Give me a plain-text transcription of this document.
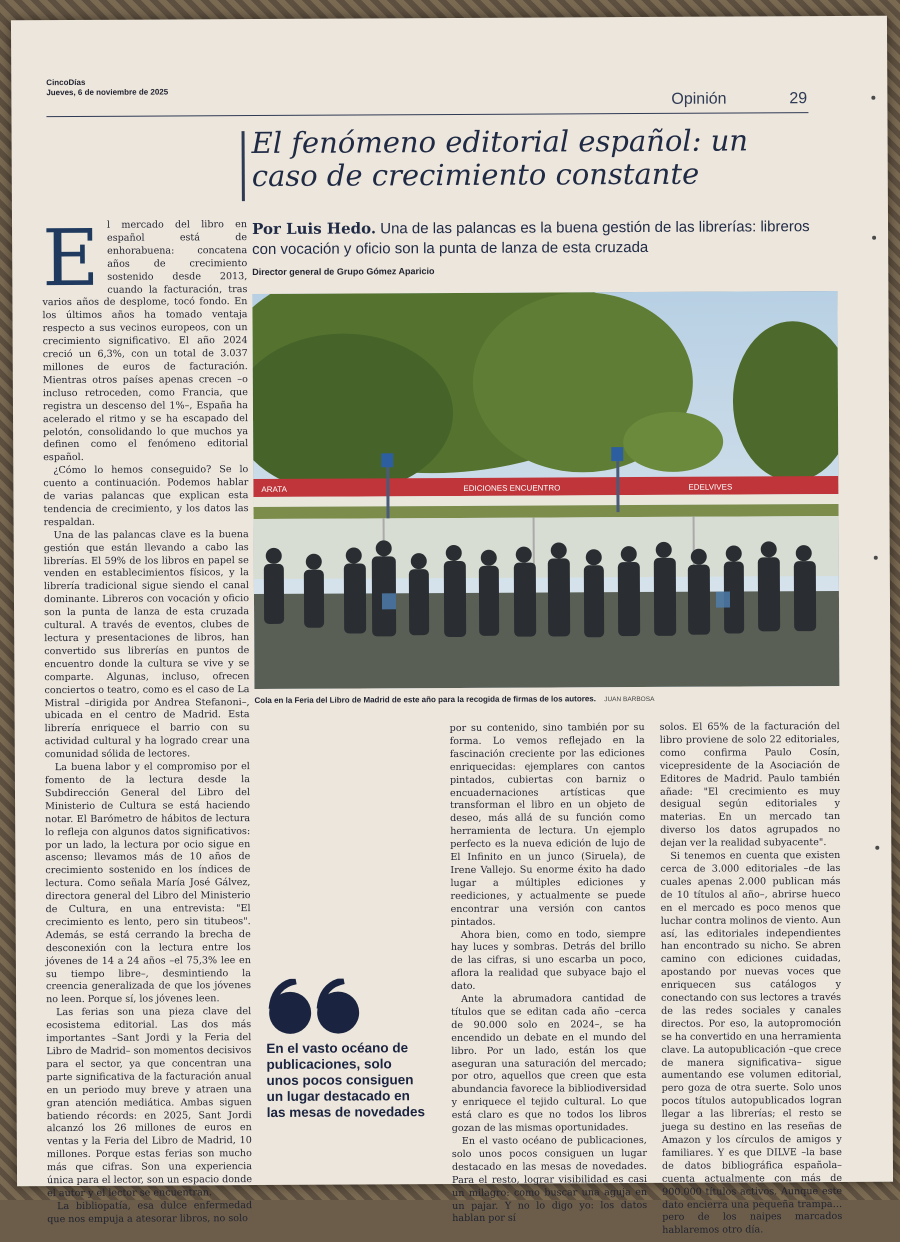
CincoDías
Jueves, 6 de noviembre de 2025	Opinión	29
El fenómeno editorial español: un caso de crecimiento constante
Por Luis Hedo. Una de las palancas es la buena gestión de las librerías: libreros con vocación y oficio son la punta de lanza de esta cruzada
Director general de Grupo Gómez Aparicio
E l mercado del libro en español está de enhorabuena: concatena años de crecimiento sostenido desde 2013, cuando la facturación, tras varios años de desplome, tocó fondo. En los últimos años ha tomado ventaja respecto a sus vecinos europeos, con un crecimiento significativo. El año 2024 creció un 6,3%, con un total de 3.037 millones de euros de facturación. Mientras otros países apenas crecen –o incluso retroceden, como Francia, que registra un descenso del 1%–, España ha acelerado el ritmo y se ha escapado del pelotón, consolidando lo que muchos ya definen como el fenómeno editorial español.

¿Cómo lo hemos conseguido? Se lo cuento a continuación. Podemos hablar de varias palancas que explican esta tendencia de crecimiento, y los datos las respaldan.

Una de las palancas clave es la buena gestión que están llevando a cabo las librerías. El 59% de los libros en papel se venden en establecimientos físicos, y la librería tradicional sigue siendo el canal dominante. Libreros con vocación y oficio son la punta de lanza de esta cruzada cultural. A través de eventos, clubes de lectura y presentaciones de libros, han convertido sus librerías en puntos de encuentro donde la cultura se vive y se comparte. Algunas, incluso, ofrecen conciertos o teatro, como es el caso de La Mistral –dirigida por Andrea Stefanoni–, ubicada en el centro de Madrid. Esta librería enriquece el barrio con su actividad cultural y ha logrado crear una comunidad sólida de lectores.

La buena labor y el compromiso por el fomento de la lectura desde la Subdirección General del Libro del Ministerio de Cultura se está haciendo notar. El Barómetro de hábitos de lectura lo refleja con algunos datos significativos: por un lado, la lectura por ocio sigue en ascenso; llevamos más de 10 años de crecimiento sostenido en los índices de lectura. Como señala María José Gálvez, directora general del Libro del Ministerio de Cultura, en una entrevista: "El crecimiento es lento, pero sin titubeos". Además, se está cerrando la brecha de desconexión con la lectura entre los jóvenes de 14 a 24 años –el 75,3% lee en su tiempo libre–, desmintiendo la creencia generalizada de que los jóvenes no leen. Porque sí, los jóvenes leen.

Las ferias son una pieza clave del ecosistema editorial. Las dos más importantes –Sant Jordi y la Feria del Libro de Madrid– son momentos decisivos para el sector, ya que concentran una parte significativa de la facturación anual en un periodo muy breve y atraen una gran atención mediática. Ambas siguen batiendo récords: en 2025, Sant Jordi alcanzó los 26 millones de euros en ventas y la Feria del Libro de Madrid, 10 millones. Porque estas ferias son mucho más que cifras. Son una experiencia única para el lector, son un espacio donde el autor y el lector se encuentran.

La bibliopatía, esa dulce enfermedad que nos empuja a atesorar libros, no solo

ARATA	EDICIONES ENCUENTRO	EDELVIVES
Cola en la Feria del Libro de Madrid de este año para la recogida de firmas de los autores. JUAN BARBOSA
En el vasto océano de publicaciones, solo unos pocos consiguen un lugar destacado en las mesas de novedades

por su contenido, sino también por su forma. Lo vemos reflejado en la fascinación creciente por las ediciones enriquecidas: ejemplares con cantos pintados, cubiertas con barniz o encuadernaciones artísticas que transforman el libro en un objeto de deseo, más allá de su función como herramienta de lectura. Un ejemplo perfecto es la nueva edición de lujo de El Infinito en un junco (Siruela), de Irene Vallejo. Su enorme éxito ha dado lugar a múltiples ediciones y reediciones, y actualmente se puede encontrar una versión con cantos pintados.

Ahora bien, como en todo, siempre hay luces y sombras. Detrás del brillo de las cifras, si uno escarba un poco, aflora la realidad que subyace bajo el dato.

Ante la abrumadora cantidad de títulos que se editan cada año –cerca de 90.000 solo en 2024–, se ha encendido un debate en el mundo del libro. Por un lado, están los que aseguran una saturación del mercado; por otro, aquellos que creen que esta abundancia favorece la bibliodiversidad y enriquece el tejido cultural. Lo que está claro es que no todos los libros gozan de las mismas oportunidades.

En el vasto océano de publicaciones, solo unos pocos consiguen un lugar destacado en las mesas de novedades. Para el resto, lograr visibilidad es casi un milagro: como buscar una aguja en un pajar. Y no lo digo yo: los datos hablan por sí

solos. El 65% de la facturación del libro proviene de solo 22 editoriales, como confirma Paulo Cosín, vicepresidente de la Asociación de Editores de Madrid. Paulo también añade: "El crecimiento es muy desigual según editoriales y materias. En un mercado tan diverso los datos agrupados no dejan ver la realidad subyacente".

Si tenemos en cuenta que existen cerca de 3.000 editoriales –de las cuales apenas 2.000 publican más de 10 títulos al año–, abrirse hueco en el mercado es poco menos que luchar contra molinos de viento. Aun así, las editoriales independientes han encontrado su nicho. Se abren camino con ediciones cuidadas, apostando por nuevas voces que enriquecen sus catálogos y conectando con sus lectores a través de las redes sociales y canales directos. Por eso, la autopromoción se ha convertido en una herramienta clave. La autopublicación –que crece de manera significativa– sigue aumentando ese volumen editorial, pero goza de otra suerte. Solo unos pocos títulos autopublicados logran llegar a las librerías; el resto se juega su destino en las reseñas de Amazon y los círculos de amigos y familiares. Y es que DILVE –la base de datos bibliográfica española– cuenta actualmente con más de 900.000 títulos activos. Aunque este dato encierra una pequeña trampa… pero de los naipes marcados hablaremos otro día.
